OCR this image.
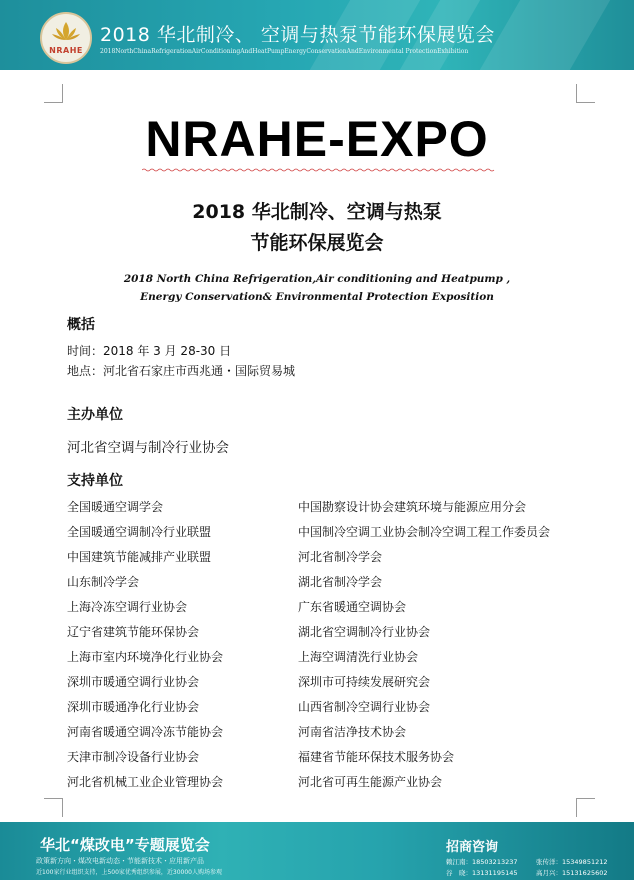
NRAHE
2018 华北制冷、 空调与热泵节能环保展览会
2018NorthChinaRefrigerationAirConditioningAndHeatPumpEnergyConservationAndEnvironmental ProtectionExhibition
NRAHE-EXPO
2018 华北制冷、空调与热泵
节能环保展览会
2018 North China Refrigeration,Air conditioning and Heatpump ,
Energy Conservation& Environmental Protection Exposition
概括
时间：2018 年 3 月 28-30 日
地点：河北省石家庄市西兆通・国际贸易城
主办单位
河北省空调与制冷行业协会
支持单位
全国暖通空调学会
全国暖通空调制冷行业联盟
中国建筑节能减排产业联盟
山东制冷学会
上海冷冻空调行业协会
辽宁省建筑节能环保协会
上海市室内环境净化行业协会
深圳市暖通空调行业协会
深圳市暖通净化行业协会
河南省暖通空调冷冻节能协会
天津市制冷设备行业协会
河北省机械工业企业管理协会
中国勘察设计协会建筑环境与能源应用分会
中国制冷空调工业协会制冷空调工程工作委员会
河北省制冷学会
湖北省制冷学会
广东省暖通空调协会
湖北省空调制冷行业协会
上海空调清洗行业协会
深圳市可持续发展研究会
山西省制冷空调行业协会
河南省洁净技术协会
福建省节能环保技术服务协会
河北省可再生能源产业协会
华北“煤改电”专题展览会
政策新方向・煤改电新动态・节能新技术・应用新产品
近100家行业组织支持，上500家优秀组织参展，近30000人购场参观
招商咨询
赖江南：18503213237	张传洋：15349851212
谷　晓：13131195145	高月兴：15131625602
